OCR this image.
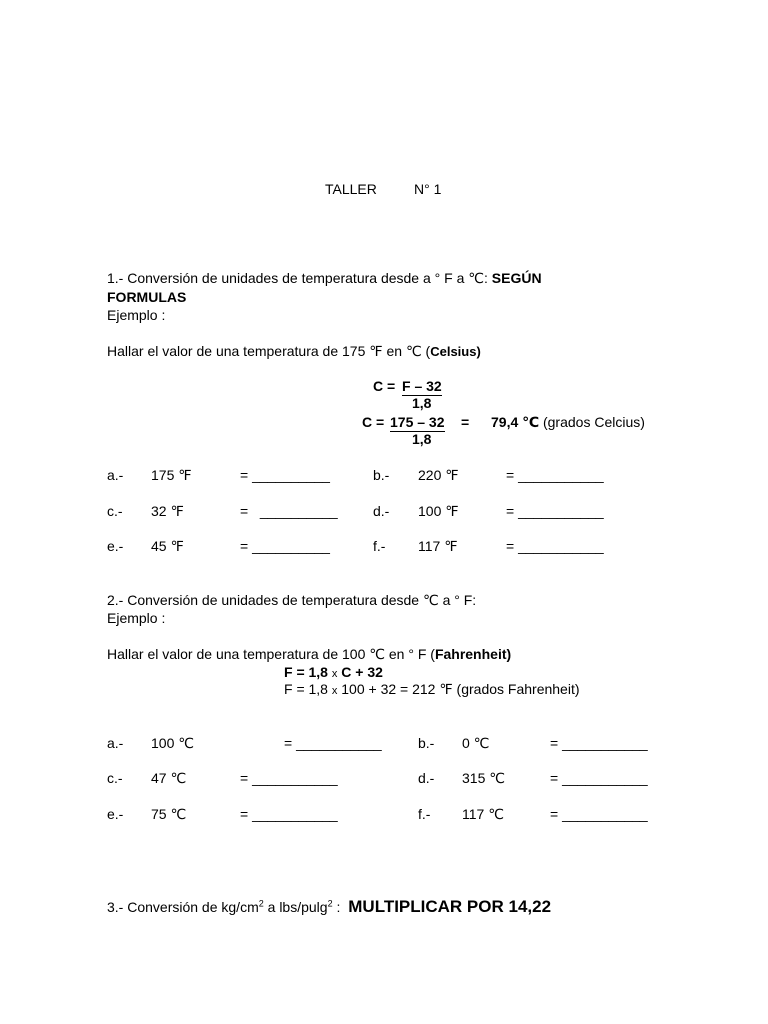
TALLER	N° 1
1.- Conversión de unidades de temperatura desde a ° F a ℃: SEGÚN
FORMULAS
Ejemplo :
Hallar el valor de una temperatura de 175 ℉ en ℃ (Celsius)
C = F – 32
1,8
C = 175 – 32 = 79,4 ℃ (grados Celcius)
1,8
a.- 175 ℉	= __________	b.- 220 ℉	= ___________
c.- 32 ℉	=   __________	d.- 100 ℉	= ___________
e.- 45 ℉	= __________	f.- 117 ℉	= ___________
2.- Conversión de unidades de temperatura desde ℃ a ° F:
Ejemplo :
Hallar el valor de una temperatura de 100 ℃ en ° F (Fahrenheit)
F = 1,8 x C + 32
F = 1,8 x 100 + 32 = 212 ℉ (grados Fahrenheit)
a.- 100 ℃	= ___________	b.- 0 ℃	= ___________
c.- 47 ℃	= ___________	d.- 315 ℃	= ___________
e.- 75 ℃	= ___________	f.- 117 ℃	= ___________
3.- Conversión de $kg/cm^2$ a lbs/pulg$^2$ : MULTIPLICAR POR 14,22
